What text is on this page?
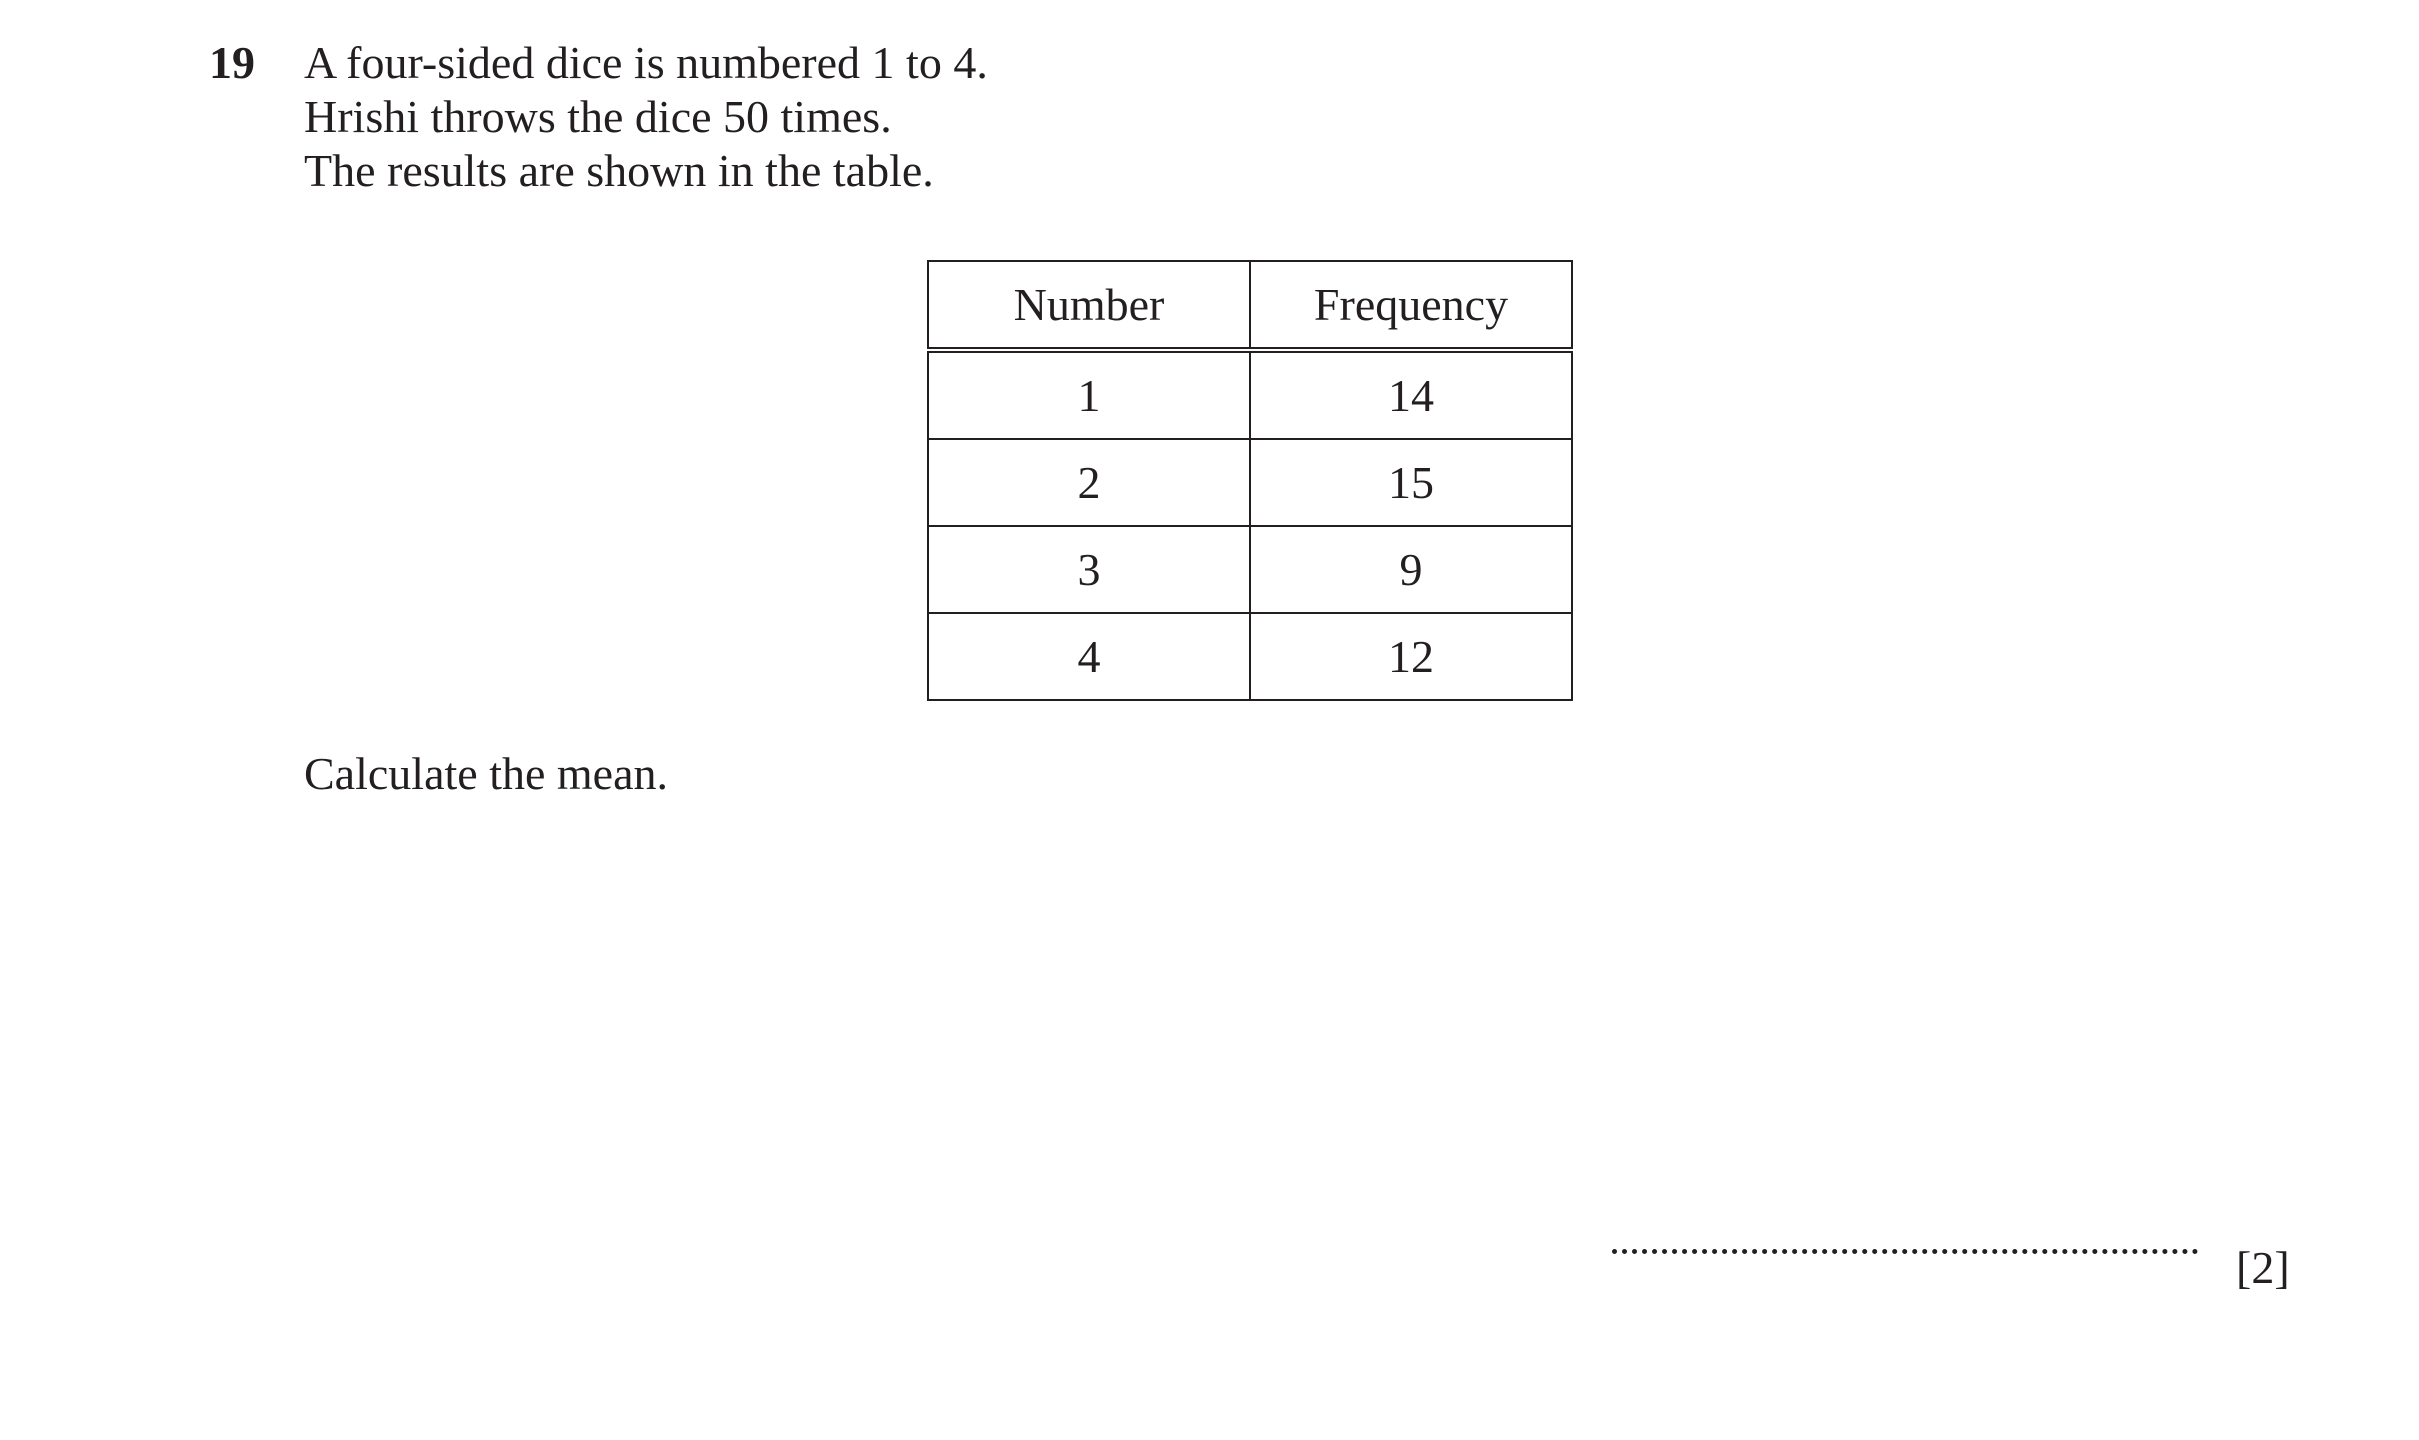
19 A four-sided dice is numbered 1 to 4.
Hrishi throws the dice 50 times.
The results are shown in the table.
Number	Frequency
1	14
2	15
3	9
4	12
Calculate the mean.
[2]
